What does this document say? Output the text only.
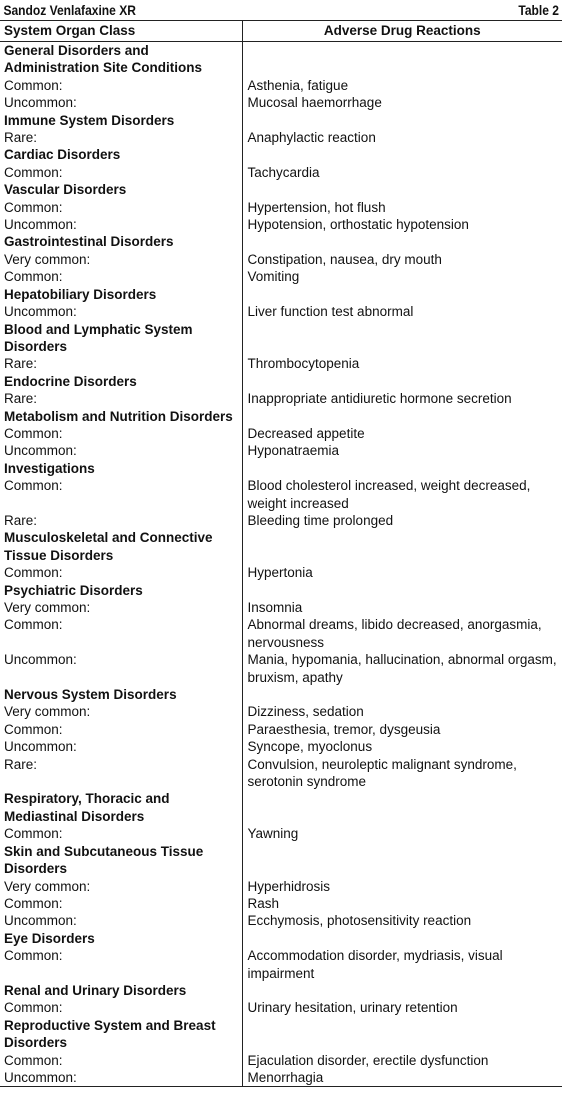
Sandoz Venlafaxine XR	Table 2
System Organ Class	Adverse Drug Reactions
General Disorders and Administration Site Conditions	
Common:	Asthenia, fatigue
Uncommon:	Mucosal haemorrhage
Immune System Disorders	
Rare:	Anaphylactic reaction
Cardiac Disorders	
Common:	Tachycardia
Vascular Disorders	
Common:	Hypertension, hot flush
Uncommon:	Hypotension, orthostatic hypotension
Gastrointestinal Disorders	
Very common:	Constipation, nausea, dry mouth
Common:	Vomiting
Hepatobiliary Disorders	
Uncommon:	Liver function test abnormal
Blood and Lymphatic System Disorders	
Rare:	Thrombocytopenia
Endocrine Disorders	
Rare:	Inappropriate antidiuretic hormone secretion
Metabolism and Nutrition Disorders	
Common:	Decreased appetite
Uncommon:	Hyponatraemia
Investigations	
Common:	Blood cholesterol increased, weight decreased, weight increased
Rare:	Bleeding time prolonged
Musculoskeletal and Connective Tissue Disorders	
Common:	Hypertonia
Psychiatric Disorders	
Very common:	Insomnia
Common:	Abnormal dreams, libido decreased, anorgasmia, nervousness
Uncommon:	Mania, hypomania, hallucination, abnormal orgasm, bruxism, apathy
Nervous System Disorders	
Very common:	Dizziness, sedation
Common:	Paraesthesia, tremor, dysgeusia
Uncommon:	Syncope, myoclonus
Rare:	Convulsion, neuroleptic malignant syndrome, serotonin syndrome
Respiratory, Thoracic and Mediastinal Disorders	
Common:	Yawning
Skin and Subcutaneous Tissue Disorders	
Very common:	Hyperhidrosis
Common:	Rash
Uncommon:	Ecchymosis, photosensitivity reaction
Eye Disorders	
Common:	Accommodation disorder, mydriasis, visual impairment
Renal and Urinary Disorders	
Common:	Urinary hesitation, urinary retention
Reproductive System and Breast Disorders	
Common:	Ejaculation disorder, erectile dysfunction
Uncommon:	Menorrhagia
